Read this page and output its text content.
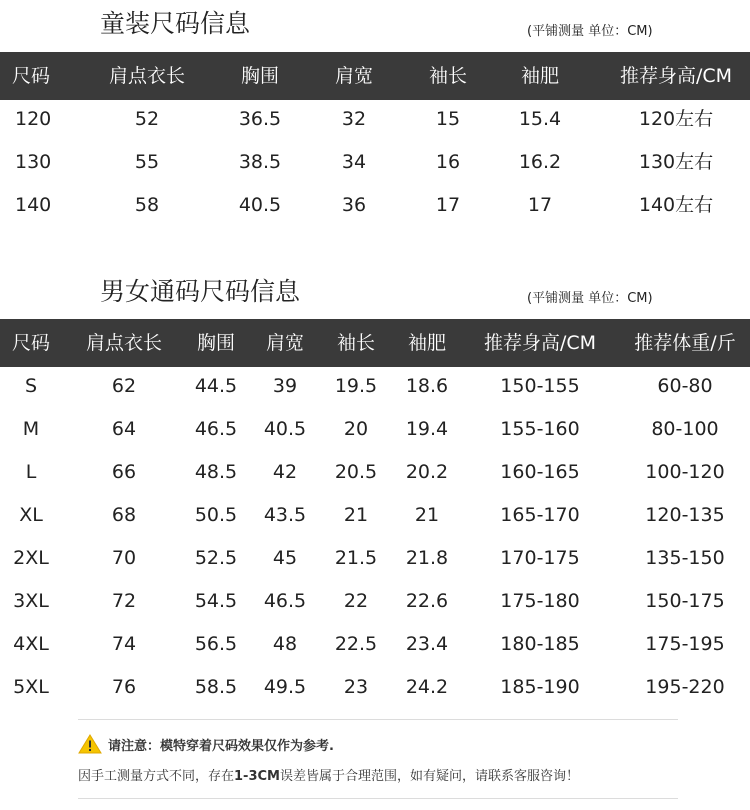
童装尺码信息	(平铺测量 单位：CM)
尺码	肩点衣长	胸围	肩宽	袖长	袖肥	推荐身高/CM
120	52	36.5	32	15	15.4	120左右
130	55	38.5	34	16	16.2	130左右
140	58	40.5	36	17	17	140左右
男女通码尺码信息	(平铺测量 单位：CM)
尺码 肩点衣长 胸围 肩宽 袖长 袖肥 推荐身高/CM 推荐体重/斤
S	62	44.5 39 19.5 18.6	150-155	60-80
M	64	46.5 40.5 20 19.4	155-160	80-100
L	66	48.5 42 20.5 20.2	160-165	100-120
XL	68	50.5 43.5 21 21	165-170	120-135
2XL	70	52.5 45 21.5 21.8	170-175	135-150
3XL	72	54.5 46.5 22 22.6	175-180	150-175
4XL	74	56.5 48 22.5 23.4	180-185	175-195
5XL	76	58.5 49.5 23 24.2	185-190	195-220
请注意：模特穿着尺码效果仅作为参考.
因手工测量方式不同，存在1-3CM误差皆属于合理范围，如有疑问，请联系客服咨询！
